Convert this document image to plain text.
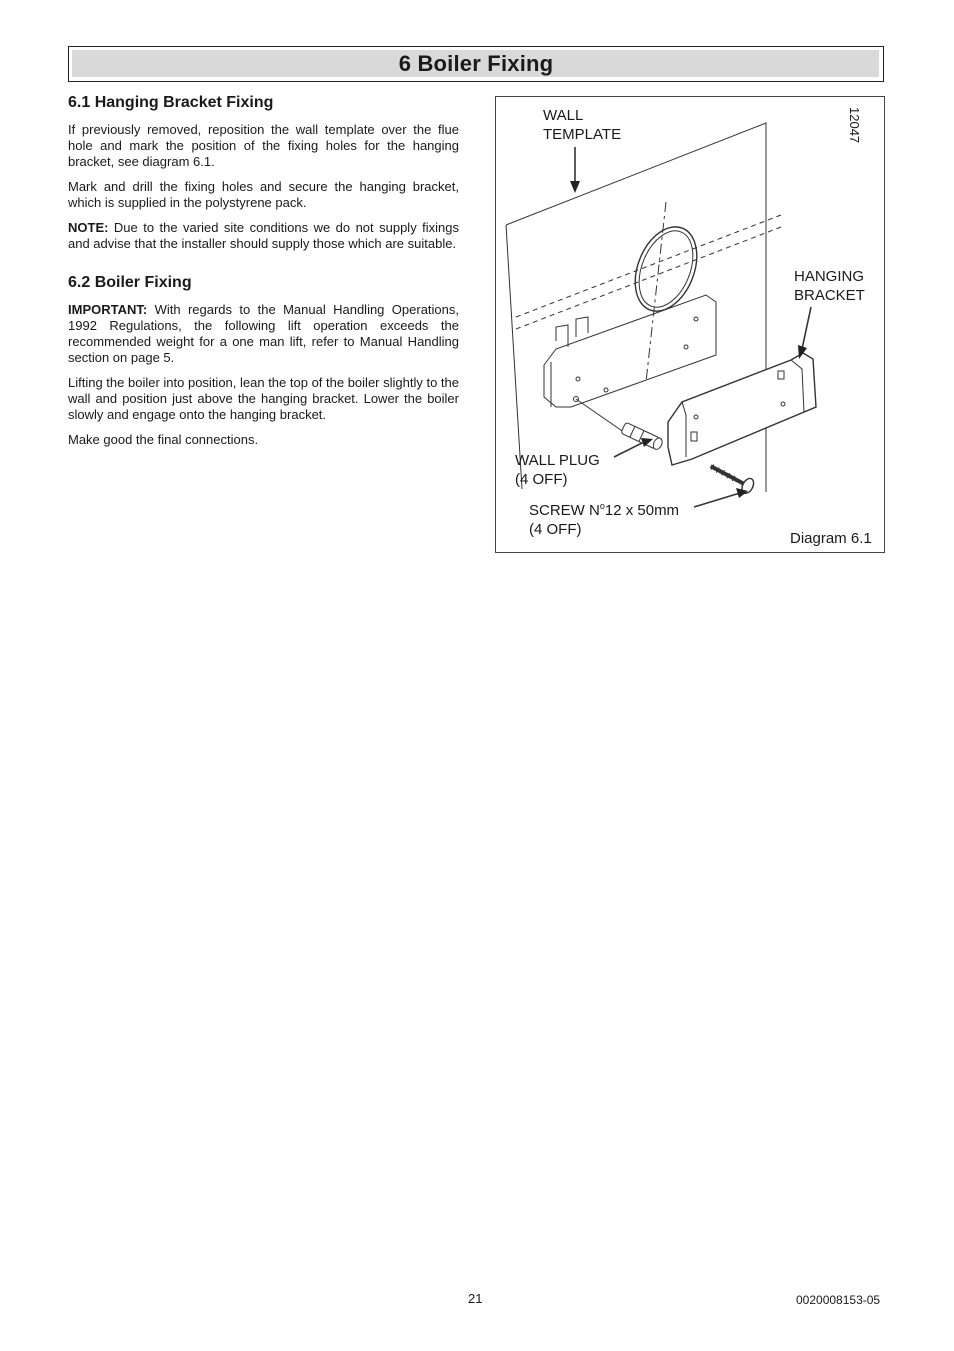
6 Boiler Fixing
6.1 Hanging Bracket Fixing

If previously removed, reposition the wall template over the flue hole and mark the position of the fixing holes for the hanging bracket, see diagram 6.1.

Mark and drill the fixing holes and secure the hanging bracket, which is supplied in the polystyrene pack.

NOTE: Due to the varied site conditions we do not supply fixings and advise that the installer should supply those which are suitable.

6.2 Boiler Fixing

IMPORTANT: With regards to the Manual Handling Operations, 1992 Regulations, the following lift operation exceeds the recommended weight for a one man lift, refer to Manual Handling section on page 5.

Lifting the boiler into position, lean the top of the boiler slightly to the wall and position just above the hanging bracket. Lower the boiler slowly and engage onto the hanging bracket.

Make good the final connections.

12047
WALL
TEMPLATE
HANGING
BRACKET
WALL PLUG
(4 OFF)
SCREW $N^o12$ x 50mm
(4 OFF)
Diagram 6.1
21	0020008153-05
